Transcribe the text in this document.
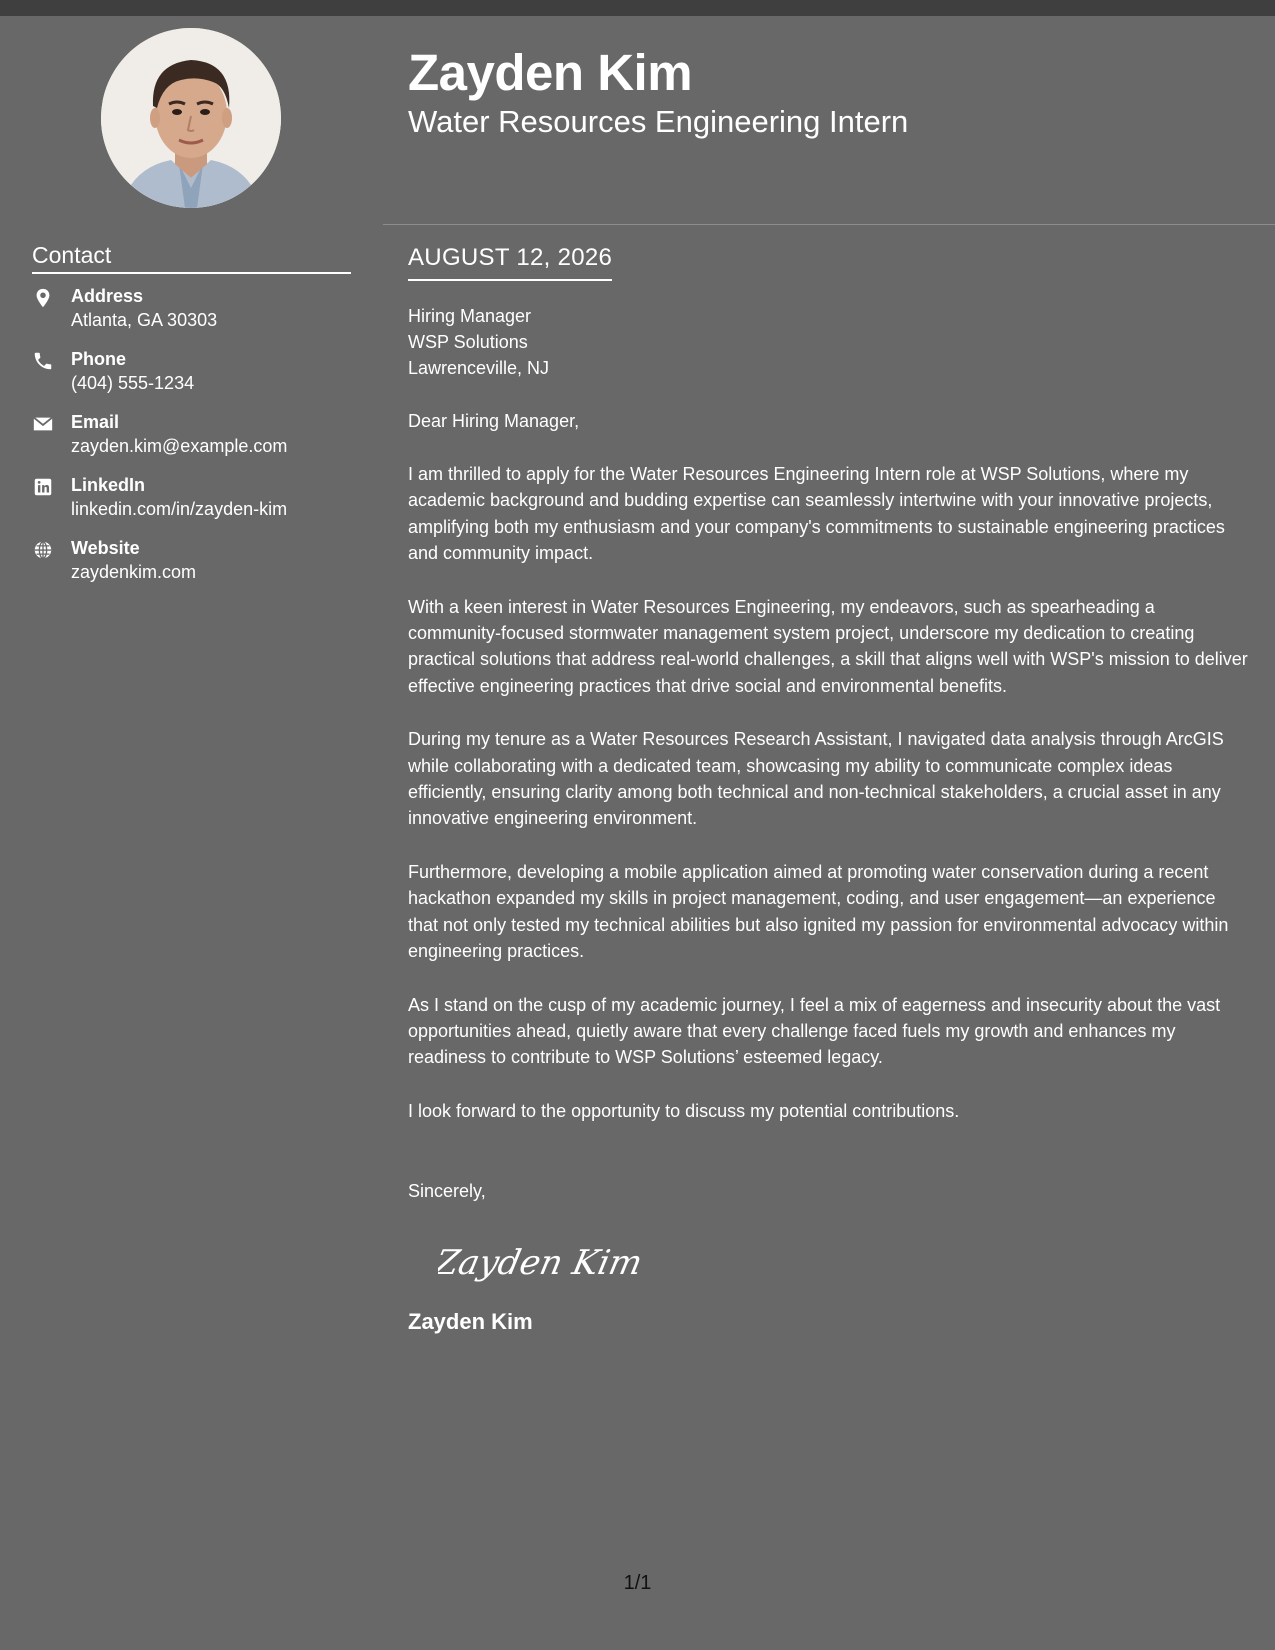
Contact
Address
Atlanta, GA 30303
Phone
(404) 555-1234
Email
zayden.kim@example.com
LinkedIn
linkedin.com/in/zayden-kim
Website
zaydenkim.com
Zayden Kim
Water Resources Engineering Intern
AUGUST 12, 2026
Hiring Manager
WSP Solutions
Lawrenceville, NJ
Dear Hiring Manager,
I am thrilled to apply for the Water Resources Engineering Intern role at WSP Solutions, where my academic background and budding expertise can seamlessly intertwine with your innovative projects, amplifying both my enthusiasm and your company's commitments to sustainable engineering practices and community impact.
With a keen interest in Water Resources Engineering, my endeavors, such as spearheading a community-focused stormwater management system project, underscore my dedication to creating practical solutions that address real-world challenges, a skill that aligns well with WSP's mission to deliver effective engineering practices that drive social and environmental benefits.
During my tenure as a Water Resources Research Assistant, I navigated data analysis through ArcGIS while collaborating with a dedicated team, showcasing my ability to communicate complex ideas efficiently, ensuring clarity among both technical and non-technical stakeholders, a crucial asset in any innovative engineering environment.
Furthermore, developing a mobile application aimed at promoting water conservation during a recent hackathon expanded my skills in project management, coding, and user engagement—an experience that not only tested my technical abilities but also ignited my passion for environmental advocacy within engineering practices.
As I stand on the cusp of my academic journey, I feel a mix of eagerness and insecurity about the vast opportunities ahead, quietly aware that every challenge faced fuels my growth and enhances my readiness to contribute to WSP Solutions’ esteemed legacy.
I look forward to the opportunity to discuss my potential contributions.
Sincerely,
Zayden Kim
Zayden Kim
1/1
